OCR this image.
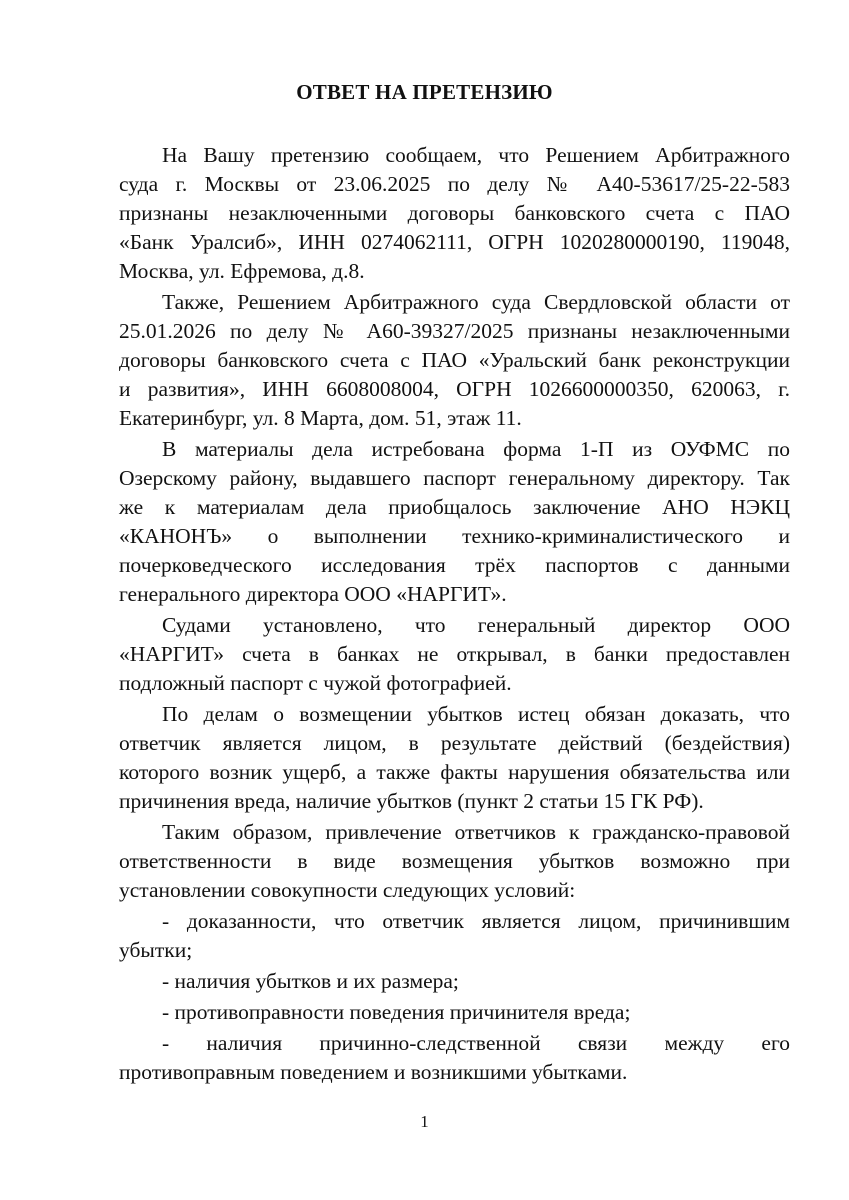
ОТВЕТ НА ПРЕТЕНЗИЮ
На Вашу претензию сообщаем, что Решением Арбитражного
суда г. Москвы от 23.06.2025 по делу № А40-53617/25-22-583
признаны незаключенными договоры банковского счета с ПАО
«Банк Уралсиб», ИНН 0274062111, ОГРН 1020280000190, 119048,
Москва, ул. Ефремова, д.8.
Также, Решением Арбитражного суда Свердловской области от
25.01.2026 по делу № А60-39327/2025 признаны незаключенными
договоры банковского счета с ПАО «Уральский банк реконструкции
и развития», ИНН 6608008004, ОГРН 1026600000350, 620063, г.
Екатеринбург, ул. 8 Марта, дом. 51, этаж 11.
В материалы дела истребована форма 1-П из ОУФМС по
Озерскому району, выдавшего паспорт генеральному директору. Так
же к материалам дела приобщалось заключение АНО НЭКЦ
«КАНОНЪ» о выполнении технико-криминалистического и
почерковедческого исследования трёх паспортов с данными
генерального директора ООО «НАРГИТ».
Судами установлено, что генеральный директор ООО
«НАРГИТ» счета в банках не открывал, в банки предоставлен
подложный паспорт с чужой фотографией.
По делам о возмещении убытков истец обязан доказать, что
ответчик является лицом, в результате действий (бездействия)
которого возник ущерб, а также факты нарушения обязательства или
причинения вреда, наличие убытков (пункт 2 статьи 15 ГК РФ).
Таким образом, привлечение ответчиков к гражданско-правовой
ответственности в виде возмещения убытков возможно при
установлении совокупности следующих условий:
- доказанности, что ответчик является лицом, причинившим
убытки;
- наличия убытков и их размера;
- противоправности поведения причинителя вреда;
- наличия причинно-следственной связи между его
противоправным поведением и возникшими убытками.
1
